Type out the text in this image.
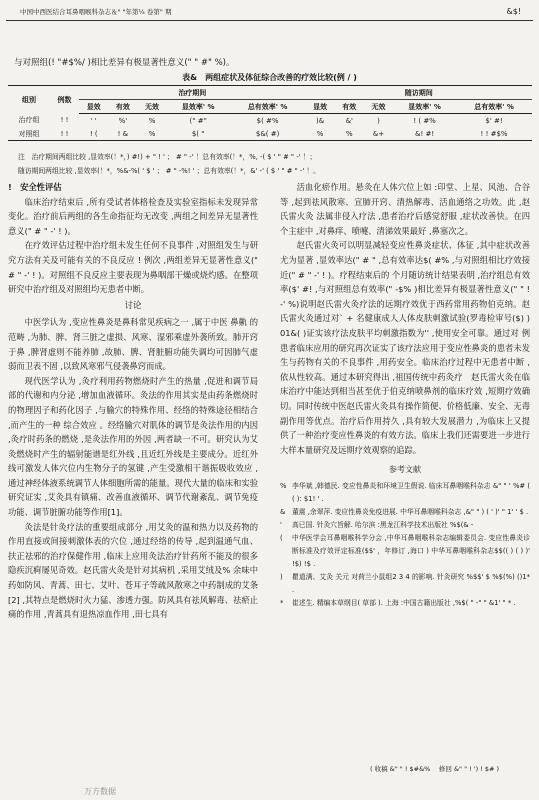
中国中西医结合耳鼻咽喉科杂志＆" "年第¼ 卷第" 期	&$!
与对照组(! "#$%/ )相比差异有极显著性意义(" " #" %)。
表&　两组症状及体征综合改善的疗效比较(例 / )
组别	例数	治疗期间					随访期间				
		显效	有效	无效	显效率' %	总有效率' %	显效	有效	无效	显效率' %	总有效率' %
治疗组	! !	' '	%'	%	(" #"	$( #%	)&	&'	)	! ( #%	$' #!
对照组	! !	! (	! &	%	$( "	$&( #)	%	%	&+	&! #!	! ! #$%
注　治疗期间两组比较 ,显效率(！*，) #!) + " ! ' ； # " -' ！总有效率(！*，%, -( $ ' " # " -' ！；
随访期间两组比较 ,显效率(！*，%&-%( ' $ ' ； # " -%! ' ；总有效率(！*，&' -' ( $ ' " # " -' ！。

!　安全性评估

临床治疗结束后 ,所有受试者体格检查及实验室指标未发现异常变化。治疗前后两组的各生命指征均无改变 ,两组之间差异无显著性意义(" # " -' ! )。

在疗效评估过程中治疗组未发生任何不良事件 ,对照组发生与研究方法有关及可能有关的不良反应 ! 例次 ,两组差异无显著性意义(" # " -' ! )。对照组不良反应主要表现为鼻咽部干燥或烧灼感。在整项研究中治疗组及对照组均无患者中断。

讨论

中医学认为 ,变应性鼻炎是鼻科常见疾病之一 ,属于中医 鼻鼽 的范畴 ,为肺、脾、肾三脏之虚损、风寒、湿邪乘虚外袭所致。肺开窍于鼻 ,脾肾虚则不能养肺 ,故肺、脾、肾脏腑功能失调均可因肺气虚弱而卫表不固 ,以致风寒邪气侵袭鼻窍而成。

现代医学认为 ,灸疗利用药物燃烧时产生的热量 ,促进和调节局部的代谢和内分泌 ,增加血液循环。灸法的作用其实是由药条燃烧时的物理因子和药化因子 ,与腧穴的特殊作用、经络的特殊途径相结合 ,而产生的一种 综合效应 。经络腧穴对肌体的调节是灸法作用的内因 ,灸疗时药条的燃烧 ,是灸法作用的外因 ,两者缺一不可。研究认为艾灸燃烧时产生的辐射能谱是红外线 ,且近红外线是主要成分。近红外线可激发人体穴位内生物分子的氢键 ,产生受激相干谐振吸收效应 ,通过神经体液系统调节人体细胞所需的能量。现代大量的临床和实验研究证实 ,艾灸具有镇痛、改善血液循环、调节代谢紊乱、调节免疫功能、调节脏腑功能等作用[1]。

灸法是针灸疗法的重要组成部分 ,用艾灸的温和热力以及药物的作用直接或间接刺激体表的穴位 ,通过经络的传导 ,起到温通气血、扶正祛邪的治疗保健作用 ,临床上应用灸法治疗针药所不能及的很多隐疾沉痾屡见奇效。赵氏雷火灸是针对其病机 ,采用艾绒及% 余味中药如防风、青蒿、田七、艾叶、苍耳子等疏风散寒之中药制成的艾条[2] ,其特点是燃烧时火力猛、渗透力强。防风具有祛风解毒、祛瘀止痛的作用 ,青蒿具有退热凉血作用 ,田七具有

活血化瘀作用。悬灸在人体穴位上如 :印堂、上星、风池、合谷等 ,起到祛风散寒、宣肺开窍、清热解毒、活血通络之功效。此 ,赵氏雷火灸 法属非侵入疗法 ,患者治疗后感觉舒服 ,症状改善快。在四个主症中 ,对鼻痒、喷嚏、清涕效果最好 ,鼻塞次之。

赵氏雷火灸可以明显减轻变应性鼻炎症状、体征 ,其中症状改善尤为显著 ,显效率达(" # " ,总有效率达$( #% ,与对照组相比疗效接近(" # " -' ! )。疗程结束后的 个月随访统计结果表明 ,治疗组总有效率($' #! ,与对照组总有效率(" -$% )相比差异有极显著性意义(" " ! -' %)说明赵氏雷火灸疗法的远期疗效优于西药常用药物伯克纳。赵氏雷火灸通过对` + 名健康成人人体皮肤刺激试验(罗毒检审号($) ) 01&( )证实该疗法皮肤平均刺激指数为'' ,使用安全可靠。通过对 例患者临床应用的研究再次证实了该疗法应用于变应性鼻炎的患者未发生与药物有关的不良事件 ,用药安全。临床治疗过程中无患者中断 ,依从性较高。通过本研究得出 ,祖国传统中药灸疗　赵氏雷火灸在临床治疗中能达到相当甚至优于伯克纳喷鼻剂的临床疗效 ,短期疗效确切。同时传统中医赵氏雷火灸具有操作简便、价格低廉、安全、无毒副作用等优点。治疗后作用持久 ,具有较大发展潜力 ,为临床上又提供了一种治疗变应性鼻炎的有效方法。临床上我们还需要进一步进行大样本量研究及远期疗效观察的追踪。

参考文献
% 李华斌 ,韩德民. 变应性鼻炎和环境卫生假说. 临床耳鼻咽喉科杂志 &" " ' %# ( ( ): $1! ' .
& 董震 ,余翠萍. 变应性鼻炎免疫进展. 中华耳鼻咽喉科杂志 ,&" " ) ( ' )' " 1' ' $ .
' 高已国. 针灸穴旨解. 哈尔滨 :黑龙江科学技术出版社 %$(& -
( 中华医学会耳鼻咽喉科学分会 ,中华耳鼻咽喉科杂志编辑委员会. 变应性鼻炎诊断标准及疗效评定标准($$' ，年修订 ,海口 ) 中华耳鼻咽喉科杂志$$(( ) ( ) )' !$) !$ .
) 瞿道满、艾灸 关元 对荷兰小鼠组2 3 4 的影响. 针灸研究 %$$' $ %$(%) ()1* .
* 崔述生. 精编本草纲目( 草部 ). 上海 :中国古籍出版社 ,%$( " -" " &1' " * .
( 收稿 &" " ! $#&% 　修回 &" " ! ') ! $# )
万方数据
